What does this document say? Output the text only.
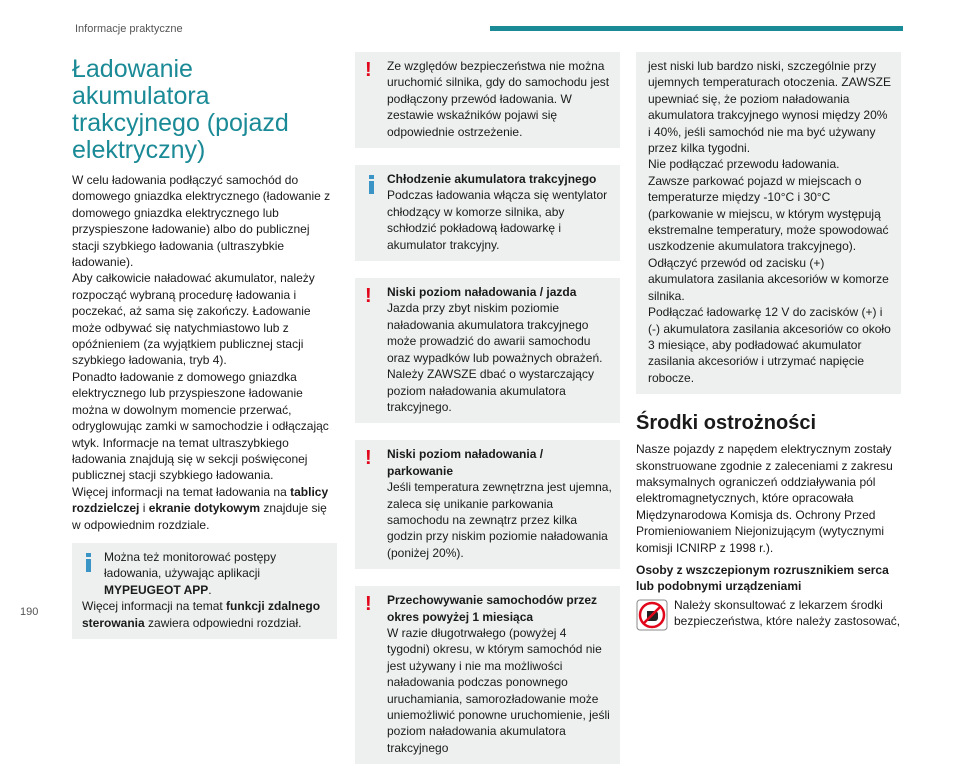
Informacje praktyczne
Ładowanie akumulatora trakcyjnego (pojazd elektryczny)

W celu ładowania podłączyć samochód do domowego gniazdka elektrycznego (ładowanie z domowego gniazdka elektrycznego lub przyspieszone ładowanie) albo do publicznej stacji szybkiego ładowania (ultraszybkie ładowanie).

Aby całkowicie naładować akumulator, należy rozpocząć wybraną procedurę ładowania i poczekać, aż sama się zakończy. Ładowanie może odbywać się natychmiastowo lub z opóźnieniem (za wyjątkiem publicznej stacji szybkiego ładowania, tryb 4).

Ponadto ładowanie z domowego gniazdka elektrycznego lub przyspieszone ładowanie można w dowolnym momencie przerwać, odryglowując zamki w samochodzie i odłączając wtyk. Informacje na temat ultraszybkiego ładowania znajdują się w sekcji poświęconej publicznej stacji szybkiego ładowania.

Więcej informacji na temat ładowania na tablicy rozdzielczej i ekranie dotykowym znajduje się w odpowiednim rozdziale.

Można też monitorować postępy ładowania, używając aplikacji MYPEUGEOT APP.
Więcej informacji na temat funkcji zdalnego sterowania zawiera odpowiedni rozdział.
!	Ze względów bezpieczeństwa nie można uruchomić silnika, gdy do samochodu jest podłączony przewód ładowania. W zestawie wskaźników pojawi się odpowiednie ostrzeżenie.
Chłodzenie akumulatora trakcyjnego
Podczas ładowania włącza się wentylator chłodzący w komorze silnika, aby schłodzić pokładową ładowarkę i akumulator trakcyjny.
!	Niski poziom naładowania / jazda
Jazda przy zbyt niskim poziomie naładowania akumulatora trakcyjnego może prowadzić do awarii samochodu oraz wypadków lub poważnych obrażeń. Należy ZAWSZE dbać o wystarczający poziom naładowania akumulatora trakcyjnego.
!	Niski poziom naładowania / parkowanie
Jeśli temperatura zewnętrzna jest ujemna, zaleca się unikanie parkowania samochodu na zewnątrz przez kilka godzin przy niskim poziomie naładowania (poniżej 20%).
!	Przechowywanie samochodów przez okres powyżej 1 miesiąca
W razie długotrwałego (powyżej 4 tygodni) okresu, w którym samochód nie jest używany i nie ma możliwości naładowania podczas ponownego uruchamiania, samorozładowanie może uniemożliwić ponowne uruchomienie, jeśli poziom naładowania akumulatora trakcyjnego
jest niski lub bardzo niski, szczególnie przy ujemnych temperaturach otoczenia. ZAWSZE upewniać się, że poziom naładowania akumulatora trakcyjnego wynosi między 20% i 40%, jeśli samochód nie ma być używany przez kilka tygodni.
Nie podłączać przewodu ładowania.
Zawsze parkować pojazd w miejscach o temperaturze między -10°C i 30°C (parkowanie w miejscu, w którym występują ekstremalne temperatury, może spowodować uszkodzenie akumulatora trakcyjnego).
Odłączyć przewód od zacisku (+) akumulatora zasilania akcesoriów w komorze silnika.
Podłączać ładowarkę 12 V do zacisków (+) i (-) akumulatora zasilania akcesoriów co około 3 miesiące, aby podładować akumulator zasilania akcesoriów i utrzymać napięcie robocze.
Środki ostrożności

Nasze pojazdy z napędem elektrycznym zostały skonstruowane zgodnie z zaleceniami z zakresu maksymalnych ograniczeń oddziaływania pól elektromagnetycznych, które opracowała Międzynarodowa Komisja ds. Ochrony Przed Promieniowaniem Niejonizującym (wytycznymi komisji ICNIRP z 1998 r.).

Osoby z wszczepionym rozrusznikiem serca lub podobnymi urządzeniami
Należy skonsultować z lekarzem środki bezpieczeństwa, które należy zastosować,
190
